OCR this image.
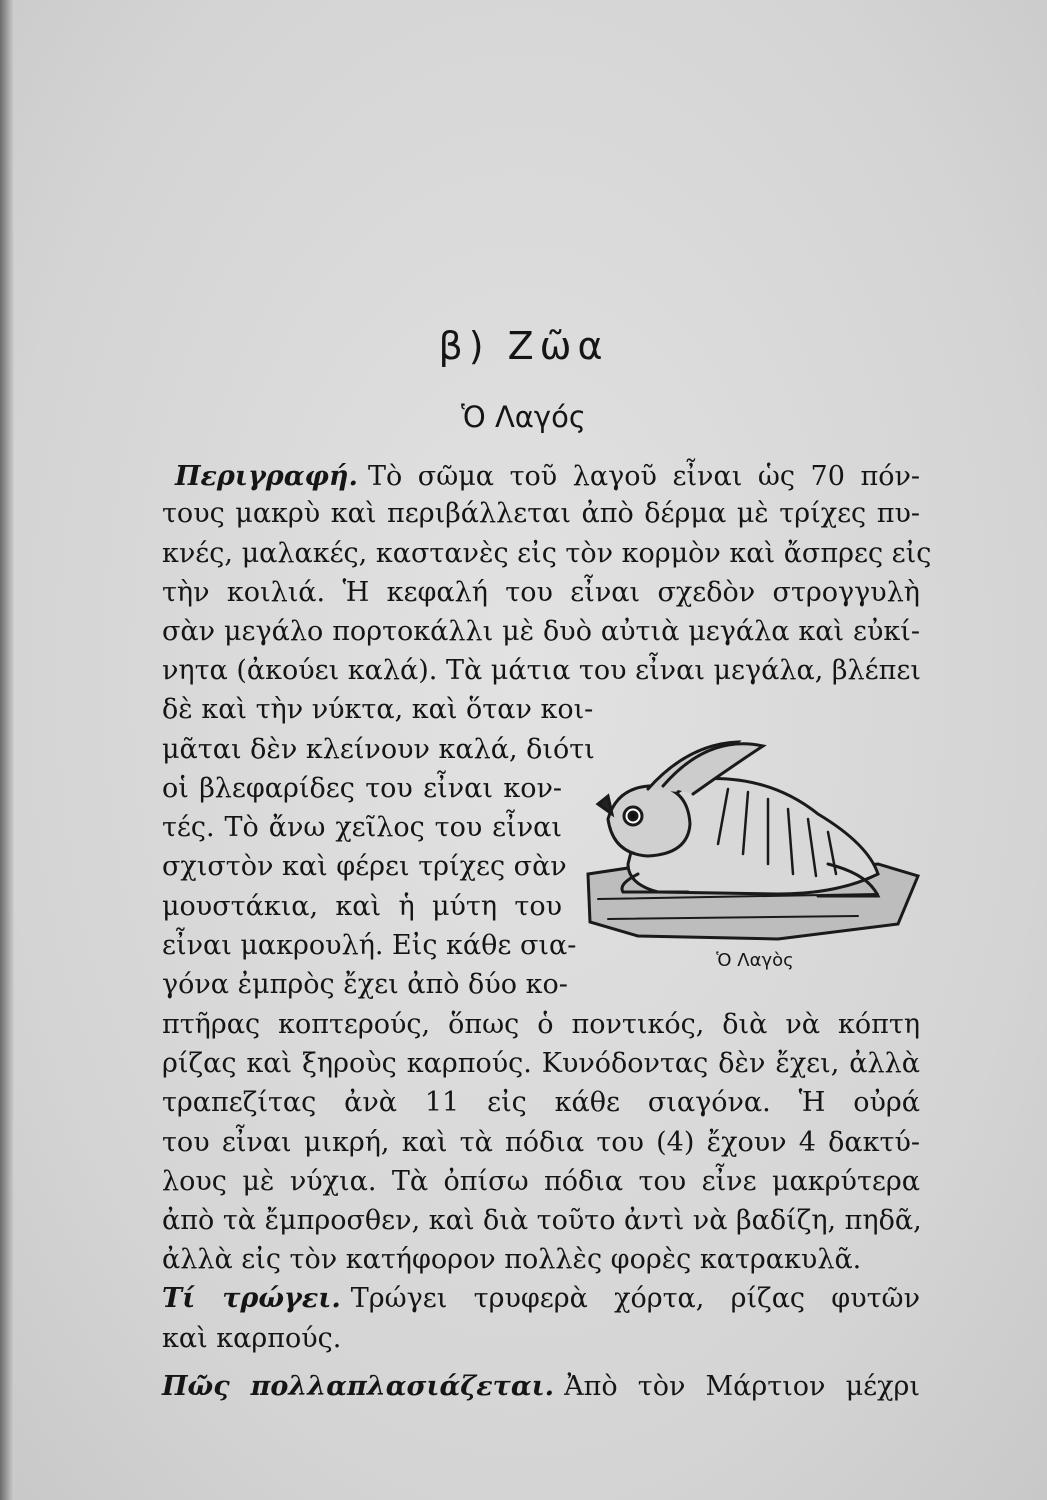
β) Ζῶα
Ὁ Λαγός
Περιγραφή. Τὸ σῶμα τοῦ λαγοῦ εἶναι ὡς 70 πόν-
τους μακρὺ καὶ περιβάλλεται ἀπὸ δέρμα μὲ τρίχες πυ-
κνές, μαλακές, καστανὲς εἰς τὸν κορμὸν καὶ ἄσπρες εἰς
τὴν κοιλιά. Ἡ κεφαλή του εἶναι σχεδὸν στρογγυλὴ
σὰν μεγάλο πορτοκάλλι μὲ δυὸ αὐτιὰ μεγάλα καὶ εὐκί-
νητα (ἀκούει καλά). Τὰ μάτια του εἶναι μεγάλα, βλέπει
δὲ καὶ τὴν νύκτα, καὶ ὅταν κοι-
μᾶται δὲν κλείνουν καλά, διότι
οἱ βλεφαρίδες του εἶναι κον-
τές. Τὸ ἄνω χεῖλος του εἶναι
σχιστὸν καὶ φέρει τρίχες σὰν
μουστάκια, καὶ ἡ μύτη του
εἶναι μακρουλή. Εἰς κάθε σια-
γόνα ἐμπρὸς ἔχει ἀπὸ δύο κο-
πτῆρας κοπτερούς, ὅπως ὁ ποντικός, διὰ νὰ κόπτη
ρίζας καὶ ξηροὺς καρπούς. Κυνόδοντας δὲν ἔχει, ἀλλὰ
τραπεζίτας ἀνὰ 11 εἰς κάθε σιαγόνα. Ἡ οὐρά
του εἶναι μικρή, καὶ τὰ πόδια του (4) ἔχουν 4 δακτύ-
λους μὲ νύχια. Τὰ ὀπίσω πόδια του εἶνε μακρύτερα
ἀπὸ τὰ ἔμπροσθεν, καὶ διὰ τοῦτο ἀντὶ νὰ βαδίζη, πηδᾶ,
ἀλλὰ εἰς τὸν κατήφορον πολλὲς φορὲς κατρακυλᾶ.
Τί τρώγει. Τρώγει τρυφερὰ χόρτα, ρίζας φυτῶν
καὶ καρπούς.
Πῶς πολλαπλασιάζεται. Ἀπὸ τὸν Μάρτιον μέχρι
Ὁ Λαγὸς
